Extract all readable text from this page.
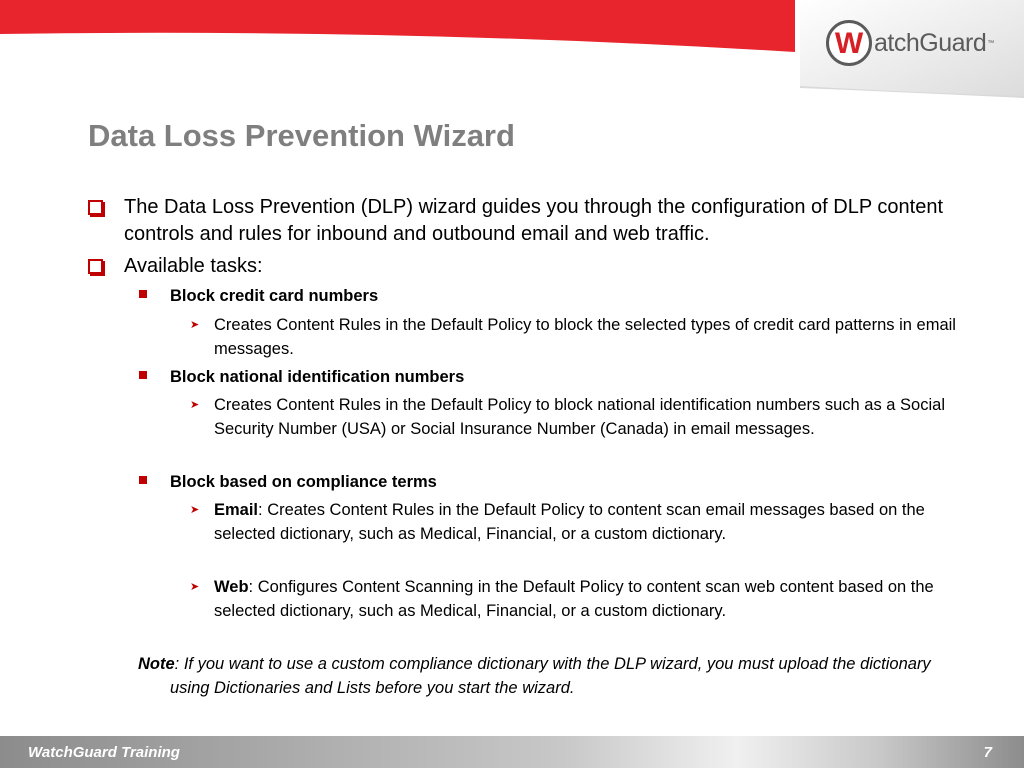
W atchGuard ™
Data Loss Prevention Wizard
The Data Loss Prevention (DLP) wizard guides you through the configuration of DLP content controls and rules for inbound and outbound email and web traffic.
Available tasks:
Block credit card numbers
➤ Creates Content Rules in the Default Policy to block the selected types of credit card patterns in email messages.
Block national identification numbers
➤ Creates Content Rules in the Default Policy to block national identification numbers such as a Social Security Number (USA) or Social Insurance Number (Canada) in email messages.
Block based on compliance terms
➤ Email: Creates Content Rules in the Default Policy to content scan email messages based on the selected dictionary, such as Medical, Financial, or a custom dictionary.
➤ Web: Configures Content Scanning in the Default Policy to content scan web content based on the selected dictionary, such as Medical, Financial, or a custom dictionary.
Note: If you want to use a custom compliance dictionary with the DLP wizard, you must upload the dictionary using Dictionaries and Lists before you start the wizard.
WatchGuard Training	7
